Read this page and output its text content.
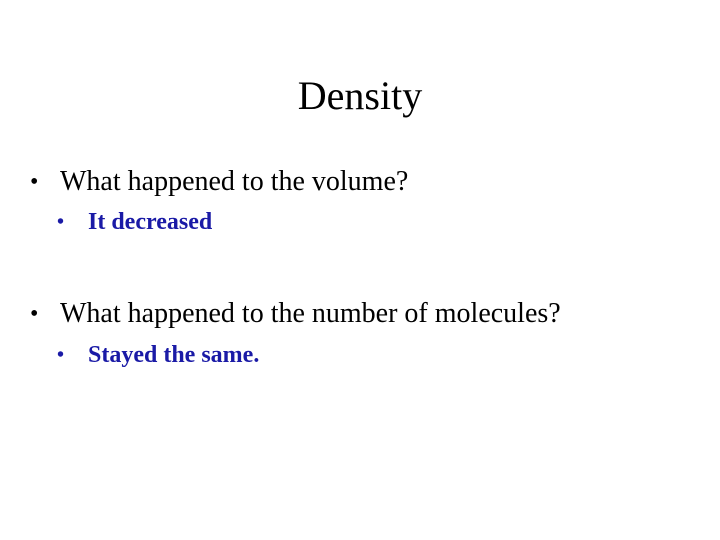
Density
• What happened to the volume?
• It decreased
• What happened to the number of molecules?
• Stayed the same.
